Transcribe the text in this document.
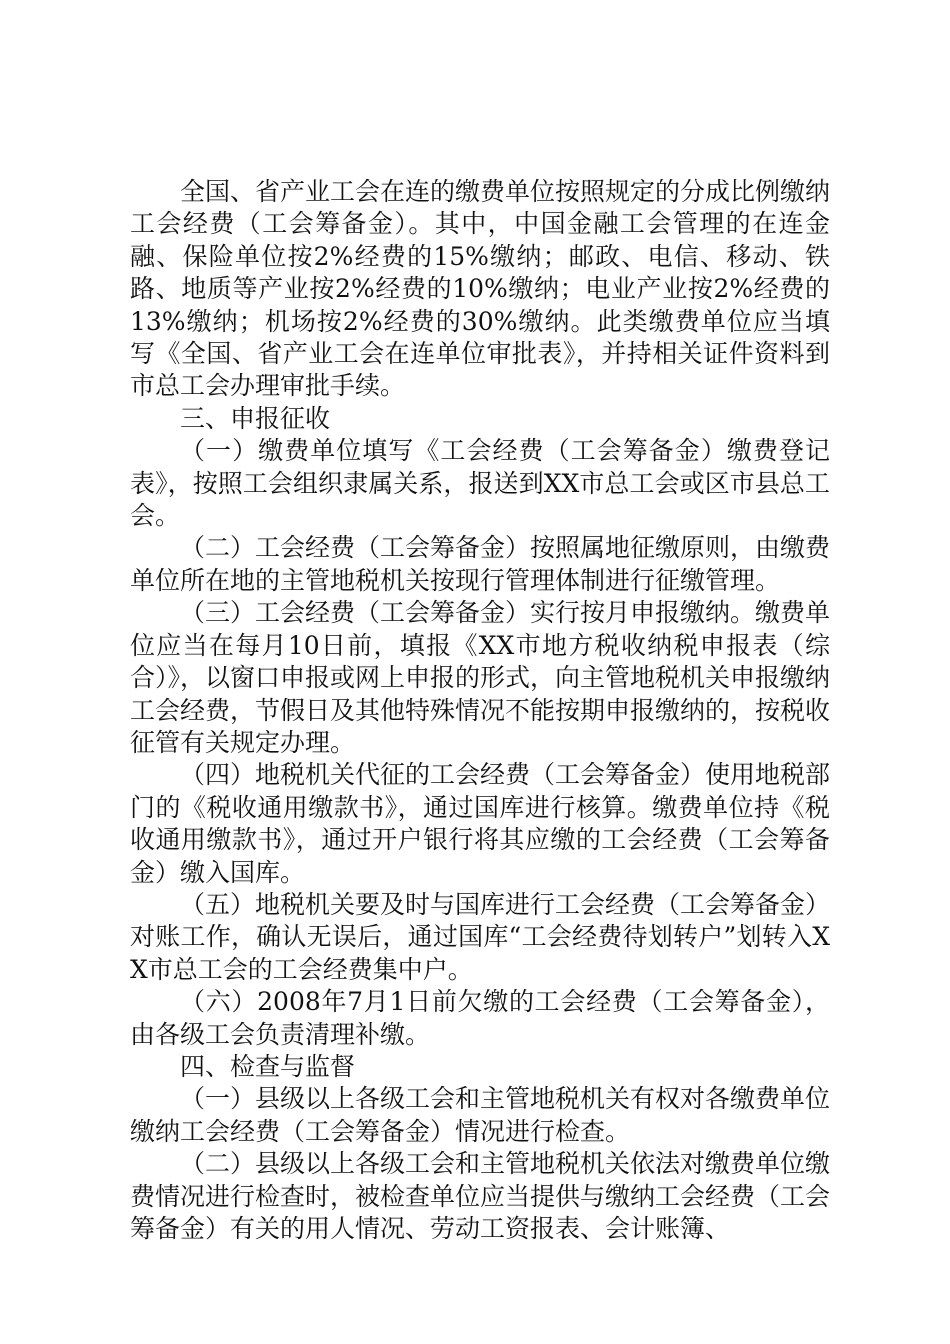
全国、省产业工会在连的缴费单位按照规定的分成比例缴纳工会经费（工会筹备金）。其中，中国金融工会管理的在连金融、保险单位按2%经费的15%缴纳；邮政、电信、移动、铁路、地质等产业按2%经费的10%缴纳；电业产业按2%经费的13%缴纳；机场按2%经费的30%缴纳。此类缴费单位应当填写《全国、省产业工会在连单位审批表》，并持相关证件资料到市总工会办理审批手续。

三、申报征收

（一）缴费单位填写《工会经费（工会筹备金）缴费登记表》，按照工会组织隶属关系，报送到XX市总工会或区市县总工会。

（二）工会经费（工会筹备金）按照属地征缴原则，由缴费单位所在地的主管地税机关按现行管理体制进行征缴管理。

（三）工会经费（工会筹备金）实行按月申报缴纳。缴费单位应当在每月10日前，填报《XX市地方税收纳税申报表（综合）》，以窗口申报或网上申报的形式，向主管地税机关申报缴纳工会经费，节假日及其他特殊情况不能按期申报缴纳的，按税收征管有关规定办理。

（四）地税机关代征的工会经费（工会筹备金）使用地税部门的《税收通用缴款书》，通过国库进行核算。缴费单位持《税收通用缴款书》，通过开户银行将其应缴的工会经费（工会筹备金）缴入国库。

（五）地税机关要及时与国库进行工会经费（工会筹备金）对账工作，确认无误后，通过国库“工会经费待划转户”划转入XX市总工会的工会经费集中户。

（六）2008年7月1日前欠缴的工会经费（工会筹备金），由各级工会负责清理补缴。

四、检查与监督

（一）县级以上各级工会和主管地税机关有权对各缴费单位缴纳工会经费（工会筹备金）情况进行检查。

（二）县级以上各级工会和主管地税机关依法对缴费单位缴费情况进行检查时，被检查单位应当提供与缴纳工会经费（工会筹备金）有关的用人情况、劳动工资报表、会计账簿、
